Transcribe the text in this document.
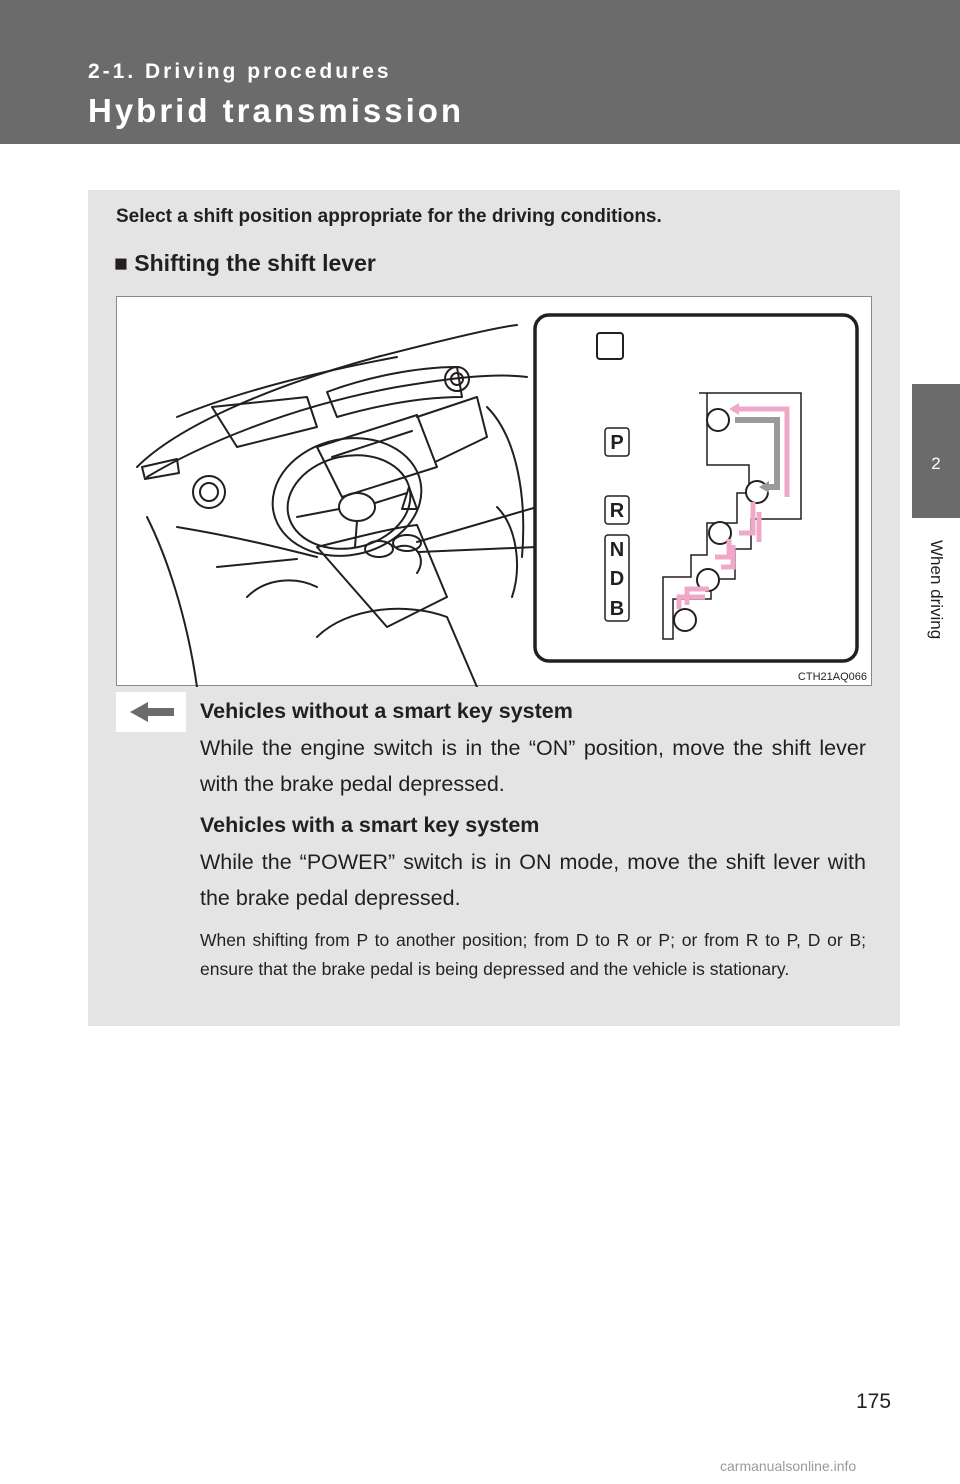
2-1. Driving procedures
Hybrid transmission
2
When driving
Select a shift position appropriate for the driving conditions.
■ Shifting the shift lever
P
R
N
D
B
CTH21AQ066
Vehicles without a smart key system
While the engine switch is in the “ON” position, move the shift lever with the brake pedal depressed.
Vehicles with a smart key system
While the “POWER” switch is in ON mode, move the shift lever with the brake pedal depressed.
When shifting from P to another position; from D to R or P; or from R to P, D or B; ensure that the brake pedal is being depressed and the vehicle is stationary.
175
carmanualsonline.info
